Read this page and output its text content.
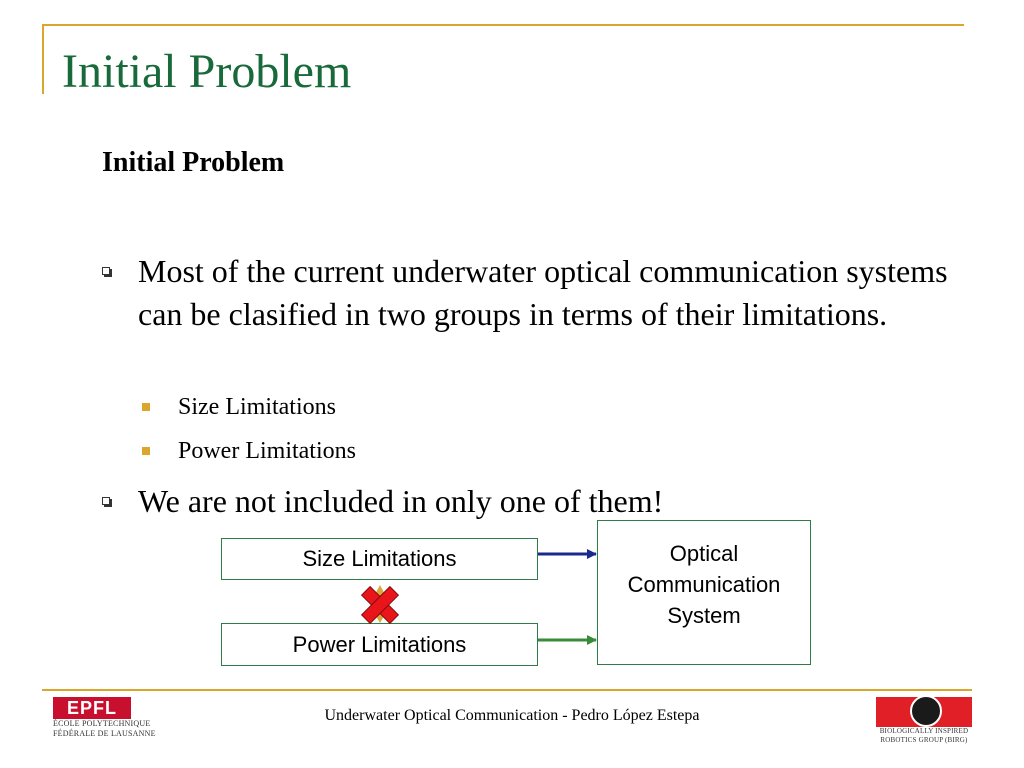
Initial Problem
Initial Problem
Most of the current underwater optical communication systems can be clasified in two groups in terms of their limitations.
Size Limitations
Power Limitations
We are not included in only one of them!
Size Limitations
Power Limitations
Optical
Communication
System
EPFL
ÉCOLE POLYTECHNIQUE
FÉDÉRALE DE LAUSANNE
Underwater Optical Communication - Pedro López Estepa
BIOLOGICALLY INSPIRED
ROBOTICS GROUP (BIRG)
